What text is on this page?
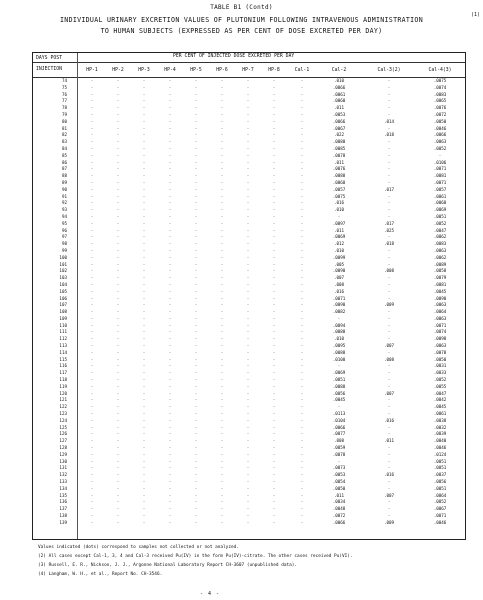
TABLE B1 (Contd)
INDIVIDUAL URINARY EXCRETION VALUES OF PLUTONIUM FOLLOWING INTRAVENOUS ADMINISTRATION
(1)
TO HUMAN SUBJECTS (EXPRESSED AS PER CENT OF DOSE EXCRETED PER DAY)
DAYS POST
INJECTION
PER CENT OF INJECTED DOSE EXCRETED PER DAY
HP-1	HP-2	HP-3	HP-4	HP-5	HP-6	HP-7	HP-8	Cal-1	Cal-2	Cal-3(2)	Cal-4(3)
74	·	·	·	·	·	·	·	·	·	.010	·	.0075
75	·	·	·	·	·	·	·	·	·	.0066	·	.0074
76	·	·	·	·	·	·	·	·	·	.0061	·	.0083
77	·	·	·	·	·	·	·	·	·	.0060	·	.0065
78	·	·	·	·	·	·	·	·	·	.011	·	.0076
79	·	·	·	·	·	·	·	·	·	.0053	·	.0072
80	·	·	·	·	·	·	·	·	·	.0066	.014	.0050
81	·	·	·	·	·	·	·	·	·	.0067	·	.0046
82	·	·	·	·	·	·	·	·	·	.022	.018	.0066
83	·	·	·	·	·	·	·	·	·	.0080	·	.0063
84	·	·	·	·	·	·	·	·	·	.0085	·	.0052
85	·	·	·	·	·	·	·	·	·	.0078	·	·
86	·	·	·	·	·	·	·	·	·	.011	·	.0106
87	·	·	·	·	·	·	·	·	·	.0076	·	.0071
88	·	·	·	·	·	·	·	·	·	.0088	·	.0081
89	·	·	·	·	·	·	·	·	·	.0060	·	.0071
90	·	·	·	·	·	·	·	·	·	.0057	.017	.0057
91	·	·	·	·	·	·	·	·	·	.0075	·	.0061
92	·	·	·	·	·	·	·	·	·	.016	·	.0068
93	·	·	·	·	·	·	·	·	·	.010	·	.0069
94	·	·	·	·	·	·	·	·	·	·	·	.0051
95	·	·	·	·	·	·	·	·	·	.0097	.017	.0052
96	·	·	·	·	·	·	·	·	·	.011	.025	.0047
97	·	·	·	·	·	·	·	·	·	.0069	·	.0062
98	·	·	·	·	·	·	·	·	·	.012	.018	.0083
99	·	·	·	·	·	·	·	·	·	.010	·	.0063
100	·	·	·	·	·	·	·	·	·	.0099	·	.0062
101	·	·	·	·	·	·	·	·	·	.005	·	.0089
102	·	·	·	·	·	·	·	·	·	.0090	.008	.0058
103	·	·	·	·	·	·	·	·	·	.007	·	.0079
104	·	·	·	·	·	·	·	·	·	.008	·	.0081
105	·	·	·	·	·	·	·	·	·	.016	·	.0045
106	·	·	·	·	·	·	·	·	·	.0071	·	.0090
107	·	·	·	·	·	·	·	·	·	.0090	.009	.0063
108	·	·	·	·	·	·	·	·	·	.0082	·	.0064
109	·	·	·	·	·	·	·	·	·	·	·	.0063
110	·	·	·	·	·	·	·	·	·	.0094	·	.0071
111	·	·	·	·	·	·	·	·	·	.0088	·	.0074
112	·	·	·	·	·	·	·	·	·	.010	·	.0098
113	·	·	·	·	·	·	·	·	·	.0095	.007	.0063
114	·	·	·	·	·	·	·	·	·	.0088	·	.0078
115	·	·	·	·	·	·	·	·	·	.0100	.008	.0050
116	·	·	·	·	·	·	·	·	·	·	·	.0031
117	·	·	·	·	·	·	·	·	·	.0069	·	.0033
118	·	·	·	·	·	·	·	·	·	.0051	·	.0052
119	·	·	·	·	·	·	·	·	·	.0088	·	.0055
120	·	·	·	·	·	·	·	·	·	.0056	.007	.0047
121	·	·	·	·	·	·	·	·	·	.0045	·	.0042
122	·	·	·	·	·	·	·	·	·	·	·	.0045
123	·	·	·	·	·	·	·	·	·	.0113	·	.0061
124	·	·	·	·	·	·	·	·	·	.0104	.016	.0038
125	·	·	·	·	·	·	·	·	·	.0066	·	.0032
126	·	·	·	·	·	·	·	·	·	.0077	·	.0039
127	·	·	·	·	·	·	·	·	·	.008	.011	.0040
128	·	·	·	·	·	·	·	·	·	.0059	·	.0046
129	·	·	·	·	·	·	·	·	·	.0078	·	.0124
130	·	·	·	·	·	·	·	·	·	·	·	.0051
131	·	·	·	·	·	·	·	·	·	.0073	·	.0051
132	·	·	·	·	·	·	·	·	·	.0053	.016	.0037
133	·	·	·	·	·	·	·	·	·	.0054	·	.0056
134	·	·	·	·	·	·	·	·	·	.0050	·	.0051
135	·	·	·	·	·	·	·	·	·	.011	.007	.0064
136	·	·	·	·	·	·	·	·	·	.0034	·	.0052
137	·	·	·	·	·	·	·	·	·	.0048	·	.0067
138	·	·	·	·	·	·	·	·	·	.0072	·	.0071
139	·	·	·	·	·	·	·	·	·	.0066	.009	.0046
Values indicated (dots) correspond to samples not collected or not analyzed.
(2) All cases except Cal-1, 3, 4 and Cal-3 received Pu(IV) in the form Pu(IV)-citrate. The other cases received Pu(VI).
(3) Russell, E. R., Nickson, J. J., Argonne National Laboratory Report CH-3607 (unpublished data).
(4) Langham, W. H., et al., Report No. CH-3546.
- 4 -
